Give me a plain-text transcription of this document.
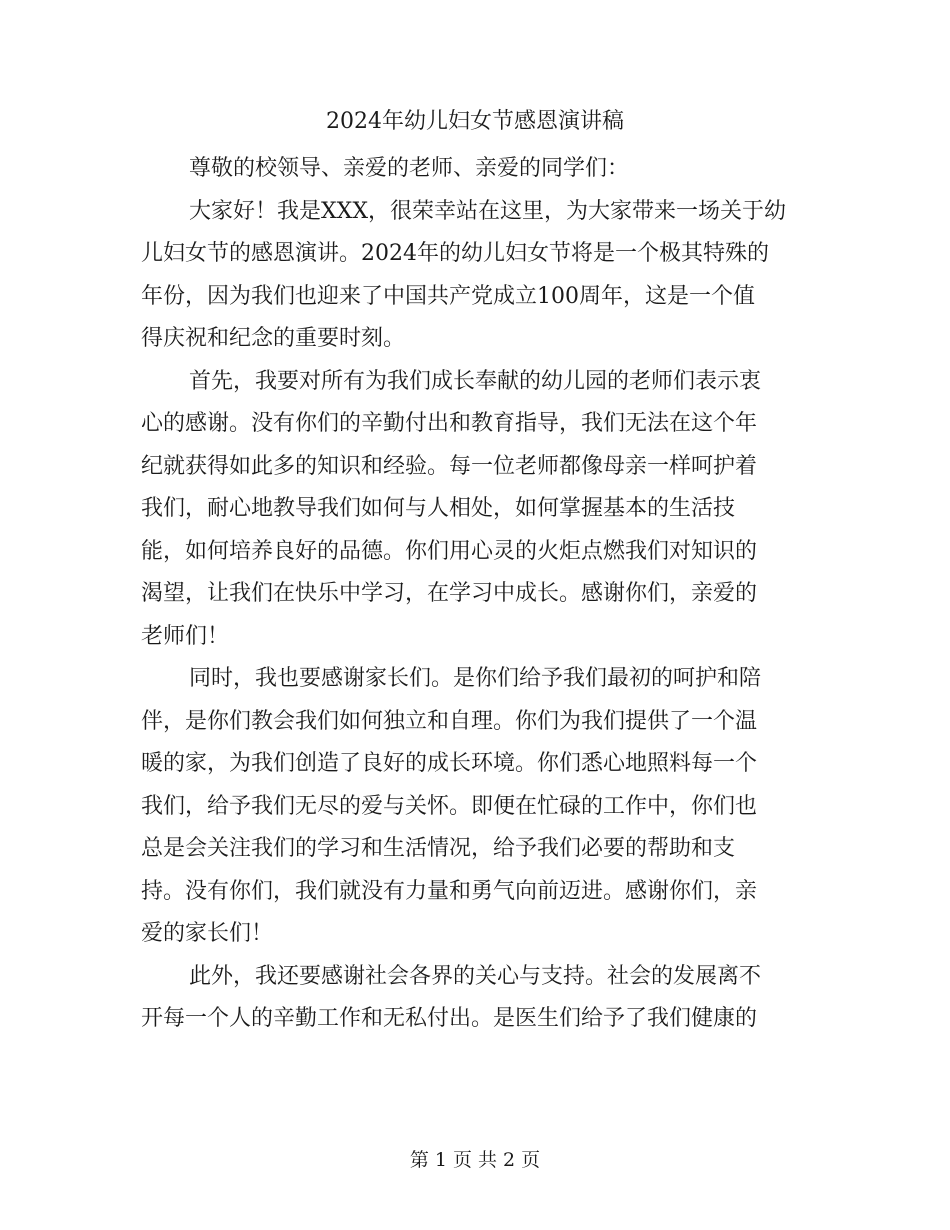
2024年幼儿妇女节感恩演讲稿
尊敬的校领导、亲爱的老师、亲爱的同学们：
大家好！我是XXX，很荣幸站在这里，为大家带来一场关于幼
儿妇女节的感恩演讲。2024年的幼儿妇女节将是一个极其特殊的
年份，因为我们也迎来了中国共产党成立100周年，这是一个值
得庆祝和纪念的重要时刻。
首先，我要对所有为我们成长奉献的幼儿园的老师们表示衷
心的感谢。没有你们的辛勤付出和教育指导，我们无法在这个年
纪就获得如此多的知识和经验。每一位老师都像母亲一样呵护着
我们，耐心地教导我们如何与人相处，如何掌握基本的生活技
能，如何培养良好的品德。你们用心灵的火炬点燃我们对知识的
渴望，让我们在快乐中学习，在学习中成长。感谢你们，亲爱的
老师们！
同时，我也要感谢家长们。是你们给予我们最初的呵护和陪
伴，是你们教会我们如何独立和自理。你们为我们提供了一个温
暖的家，为我们创造了良好的成长环境。你们悉心地照料每一个
我们，给予我们无尽的爱与关怀。即便在忙碌的工作中，你们也
总是会关注我们的学习和生活情况，给予我们必要的帮助和支
持。没有你们，我们就没有力量和勇气向前迈进。感谢你们，亲
爱的家长们！
此外，我还要感谢社会各界的关心与支持。社会的发展离不
开每一个人的辛勤工作和无私付出。是医生们给予了我们健康的
第 1 页 共 2 页
